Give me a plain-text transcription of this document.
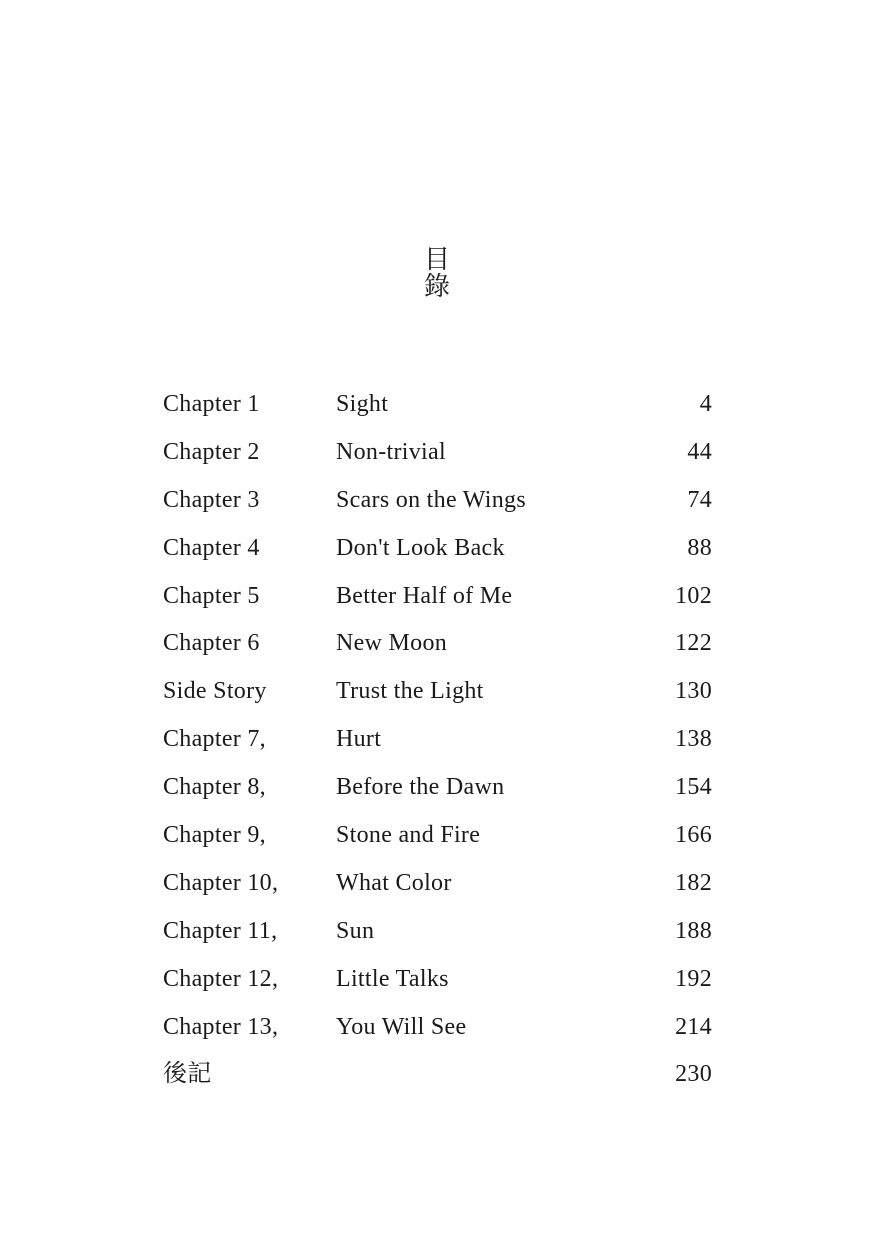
目
錄
Chapter 1	Sight	4
Chapter 2	Non-trivial	44
Chapter 3	Scars on the Wings	74
Chapter 4	Don't Look Back	88
Chapter 5	Better Half of Me	102
Chapter 6	New Moon	122
Side Story	Trust the Light	130
Chapter 7,	Hurt	138
Chapter 8,	Before the Dawn	154
Chapter 9,	Stone and Fire	166
Chapter 10, What Color	182
Chapter 11, Sun	188
Chapter 12, Little Talks	192
Chapter 13, You Will See	214
後記	230
